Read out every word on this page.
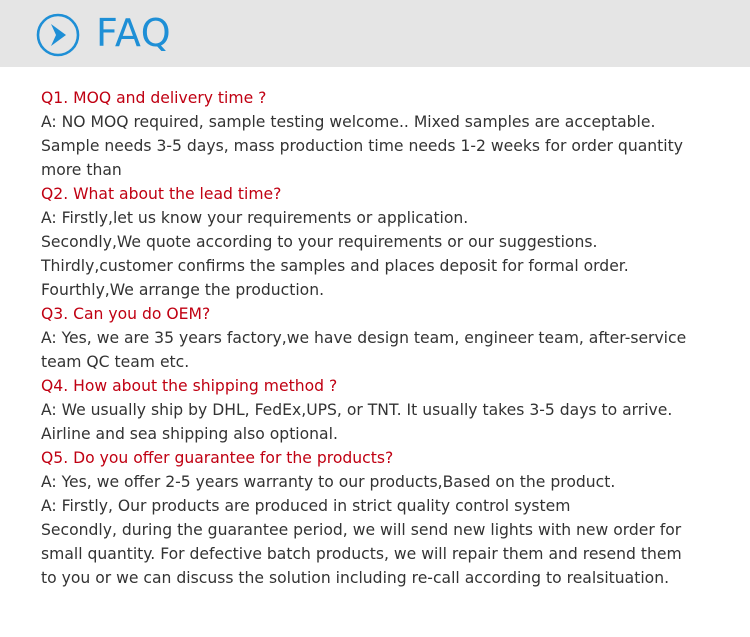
FAQ
Q1. MOQ and delivery time ?
A: NO MOQ required, sample testing welcome.. Mixed samples are acceptable.
Sample needs 3-5 days, mass production time needs 1-2 weeks for order quantity
more than
Q2. What about the lead time?
A: Firstly,let us know your requirements or application.
Secondly,We quote according to your requirements or our suggestions.
Thirdly,customer confirms the samples and places deposit for formal order.
Fourthly,We arrange the production.
Q3. Can you do OEM?
A: Yes, we are 35 years factory,we have design team, engineer team, after-service
team QC team etc.
Q4. How about the shipping method ?
A: We usually ship by DHL, FedEx,UPS, or TNT. It usually takes 3-5 days to arrive.
Airline and sea shipping also optional.
Q5. Do you offer guarantee for the products?
A: Yes, we offer 2-5 years warranty to our products,Based on the product.
A: Firstly, Our products are produced in strict quality control system
Secondly, during the guarantee period, we will send new lights with new order for
small quantity. For defective batch products, we will repair them and resend them
to you or we can discuss the solution including re-call according to realsituation.
